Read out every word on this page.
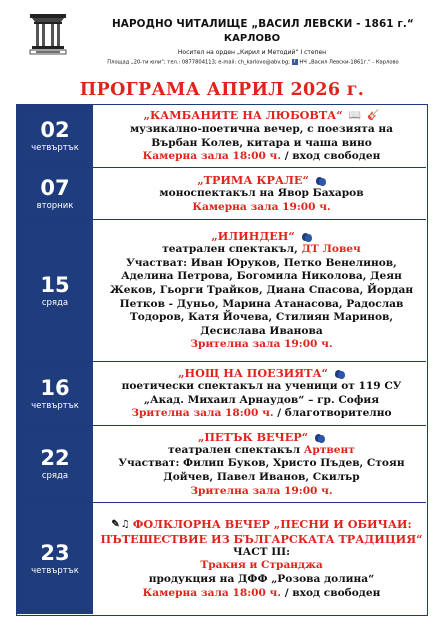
НАРОДНО ЧИТАЛИЩЕ „ВАСИЛ ЛЕВСКИ - 1861 г.“
КАРЛОВО
Носител на орден „Кирил и Методий“ I степен
Площад „20-ти юли“; тел.: 0877804113; e-mail: ch_karlovo@abv.bg; f НЧ „Васил Левски-1861г.“ - Карлово
ПРОГРАМА АПРИЛ 2026 г.
02
четвъртък
„КАМБАНИТЕ НА ЛЮБОВТА“ 📖 🎸
музикално-поетична вечер, с поезията на
Върбан Колев, китара и чаша вино
Камерна зала 18:00 ч. / вход свободен
07
вторник
„ТРИМА КРАЛЕ“
моноспектакъл на Явор Бахаров
Камерна зала 19:00 ч.
15
сряда
„ИЛИНДЕН“
театрален спектакъл, ДТ Ловеч
Участват: Иван Юруков, Петко Венелинов,
Аделина Петрова, Богомила Николова, Деян
Жеков, Гьорги Трайков, Диана Спасова, Йордан
Петков - Дуньо, Марина Атанасова, Радослав
Тодоров, Катя Йочева, Стилиян Маринов,
Десислава Иванова
Зрителна зала 19:00 ч.
16
четвъртък
„НОЩ НА ПОЕЗИЯТА“
поетически спектакъл на ученици от 119 СУ
„Акад. Михаил Арнаудов“ – гр. София
Зрителна зала 18:00 ч. / благотворително
22
сряда
„ПЕТЪК ВЕЧЕР“
театрален спектакъл Артвент
Участват: Филип Буков, Христо Пъдев, Стоян
Дойчев, Павел Иванов, Скилър
Зрителна зала 19:00 ч.
23
четвъртък
✎♫ ФОЛКЛОРНА ВЕЧЕР „ПЕСНИ И ОБИЧАИ:
ПЪТЕШЕСТВИЕ ИЗ БЪЛГАРСКАТА ТРАДИЦИЯ“
ЧАСТ III:
Тракия и Странджа
продукция на ДФФ „Розова долина“
Камерна зала 18:00 ч. / вход свободен
